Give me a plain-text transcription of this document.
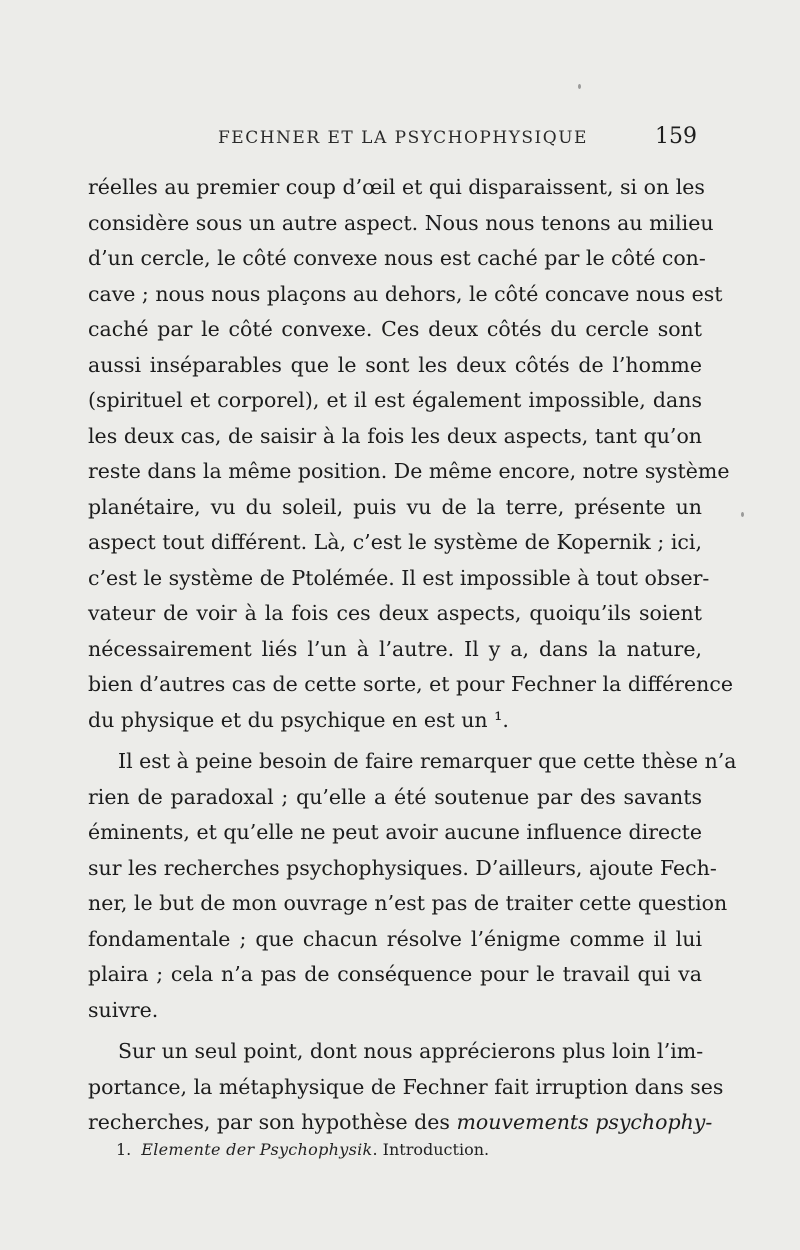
FECHNER ET LA PSYCHOPHYSIQUE	159
réelles au premier coup d’œil et qui disparaissent, si on les
considère sous un autre aspect. Nous nous tenons au milieu
d’un cercle, le côté convexe nous est caché par le côté con-
cave ; nous nous plaçons au dehors, le côté concave nous est
caché par le côté convexe. Ces deux côtés du cercle sont
aussi inséparables que le sont les deux côtés de l’homme
(spirituel et corporel), et il est également impossible, dans
les deux cas, de saisir à la fois les deux aspects, tant qu’on
reste dans la même position. De même encore, notre système
planétaire, vu du soleil, puis vu de la terre, présente un
aspect tout différent. Là, c’est le système de Kopernik ; ici,
c’est le système de Ptolémée. Il est impossible à tout obser-
vateur de voir à la fois ces deux aspects, quoiqu’ils soient
nécessairement liés l’un à l’autre. Il y a, dans la nature,
bien d’autres cas de cette sorte, et pour Fechner la différence
du physique et du psychique en est un ¹.
Il est à peine besoin de faire remarquer que cette thèse n’a
rien de paradoxal ; qu’elle a été soutenue par des savants
éminents, et qu’elle ne peut avoir aucune influence directe
sur les recherches psychophysiques. D’ailleurs, ajoute Fech-
ner, le but de mon ouvrage n’est pas de traiter cette question
fondamentale ; que chacun résolve l’énigme comme il lui
plaira ; cela n’a pas de conséquence pour le travail qui va
suivre.
Sur un seul point, dont nous apprécierons plus loin l’im-
portance, la métaphysique de Fechner fait irruption dans ses
recherches, par son hypothèse des mouvements psychophy-
1. Elemente der Psychophysik. Introduction.
